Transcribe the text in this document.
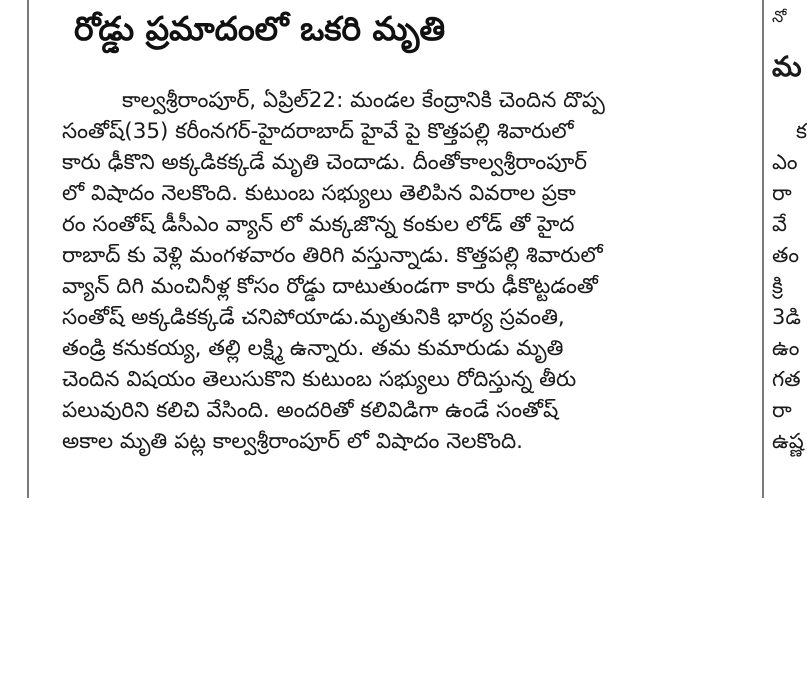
రోడ్డు ప్రమాదంలో ఒకరి మృతి
కాల్వశ్రీరాంపూర్, ఏప్రిల్22: మండల కేంద్రానికి చెందిన దొప్ప
సంతోష్(35) కరీంనగర్-హైదరాబాద్ హైవే పై కొత్తపల్లి శివారులో
కారు ఢీకొని అక్కడికక్కడే మృతి చెందాడు. దీంతోకాల్వశ్రీరాంపూర్
లో విషాదం నెలకొంది. కుటుంబ సభ్యులు తెలిపిన వివరాల ప్రకా
రం సంతోష్ డీసీఎం వ్యాన్ లో మక్కజొన్న కంకుల లోడ్ తో హైద
రాబాద్ కు వెళ్లి మంగళవారం తిరిగి వస్తున్నాడు. కొత్తపల్లి శివారులో
వ్యాన్ దిగి మంచినీళ్ల కోసం రోడ్డు దాటుతుండగా కారు ఢీకొట్టడంతో
సంతోష్ అక్కడికక్కడే చనిపోయాడు.మృతునికి భార్య స్రవంతి,
తండ్రి కనుకయ్య, తల్లి లక్ష్మి ఉన్నారు. తమ కుమారుడు మృతి
చెందిన విషయం తెలుసుకొని కుటుంబ సభ్యులు రోదిస్తున్న తీరు
పలువురిని కలిచి వేసింది. అందరితో కలివిడిగా ఉండే సంతోష్
అకాల మృతి పట్ల కాల్వశ్రీరాంపూర్ లో విషాదం నెలకొంది.
నో
మ
క
ఎం
రా
వే
తం
క్రి
3డి
ఉం
గత
రా
ఉష్ణ
